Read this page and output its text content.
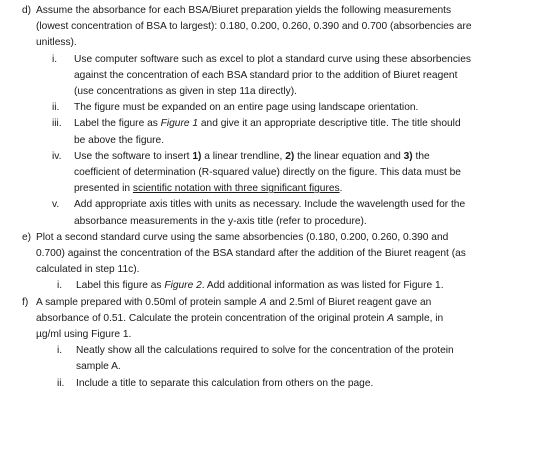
d) Assume the absorbance for each BSA/Biuret preparation yields the following measurements
(lowest concentration of BSA to largest): 0.180, 0.200, 0.260, 0.390 and 0.700 (absorbencies are
unitless).
i. Use computer software such as excel to plot a standard curve using these absorbencies
against the concentration of each BSA standard prior to the addition of Biuret reagent
(use concentrations as given in step 11a directly).
ii. The figure must be expanded on an entire page using landscape orientation.
iii. Label the figure as Figure 1 and give it an appropriate descriptive title. The title should
be above the figure.
iv. Use the software to insert 1) a linear trendline, 2) the linear equation and 3) the
coefficient of determination (R-squared value) directly on the figure. This data must be
presented in scientific notation with three significant figures.
v. Add appropriate axis titles with units as necessary. Include the wavelength used for the
absorbance measurements in the y-axis title (refer to procedure).
e) Plot a second standard curve using the same absorbencies (0.180, 0.200, 0.260, 0.390 and
0.700) against the concentration of the BSA standard after the addition of the Biuret reagent (as
calculated in step 11c).
i. Label this figure as Figure 2. Add additional information as was listed for Figure 1.
f) A sample prepared with 0.50ml of protein sample A and 2.5ml of Biuret reagent gave an
absorbance of 0.51. Calculate the protein concentration of the original protein A sample, in
µg/ml using Figure 1.
i. Neatly show all the calculations required to solve for the concentration of the protein
sample A.
ii. Include a title to separate this calculation from others on the page.
